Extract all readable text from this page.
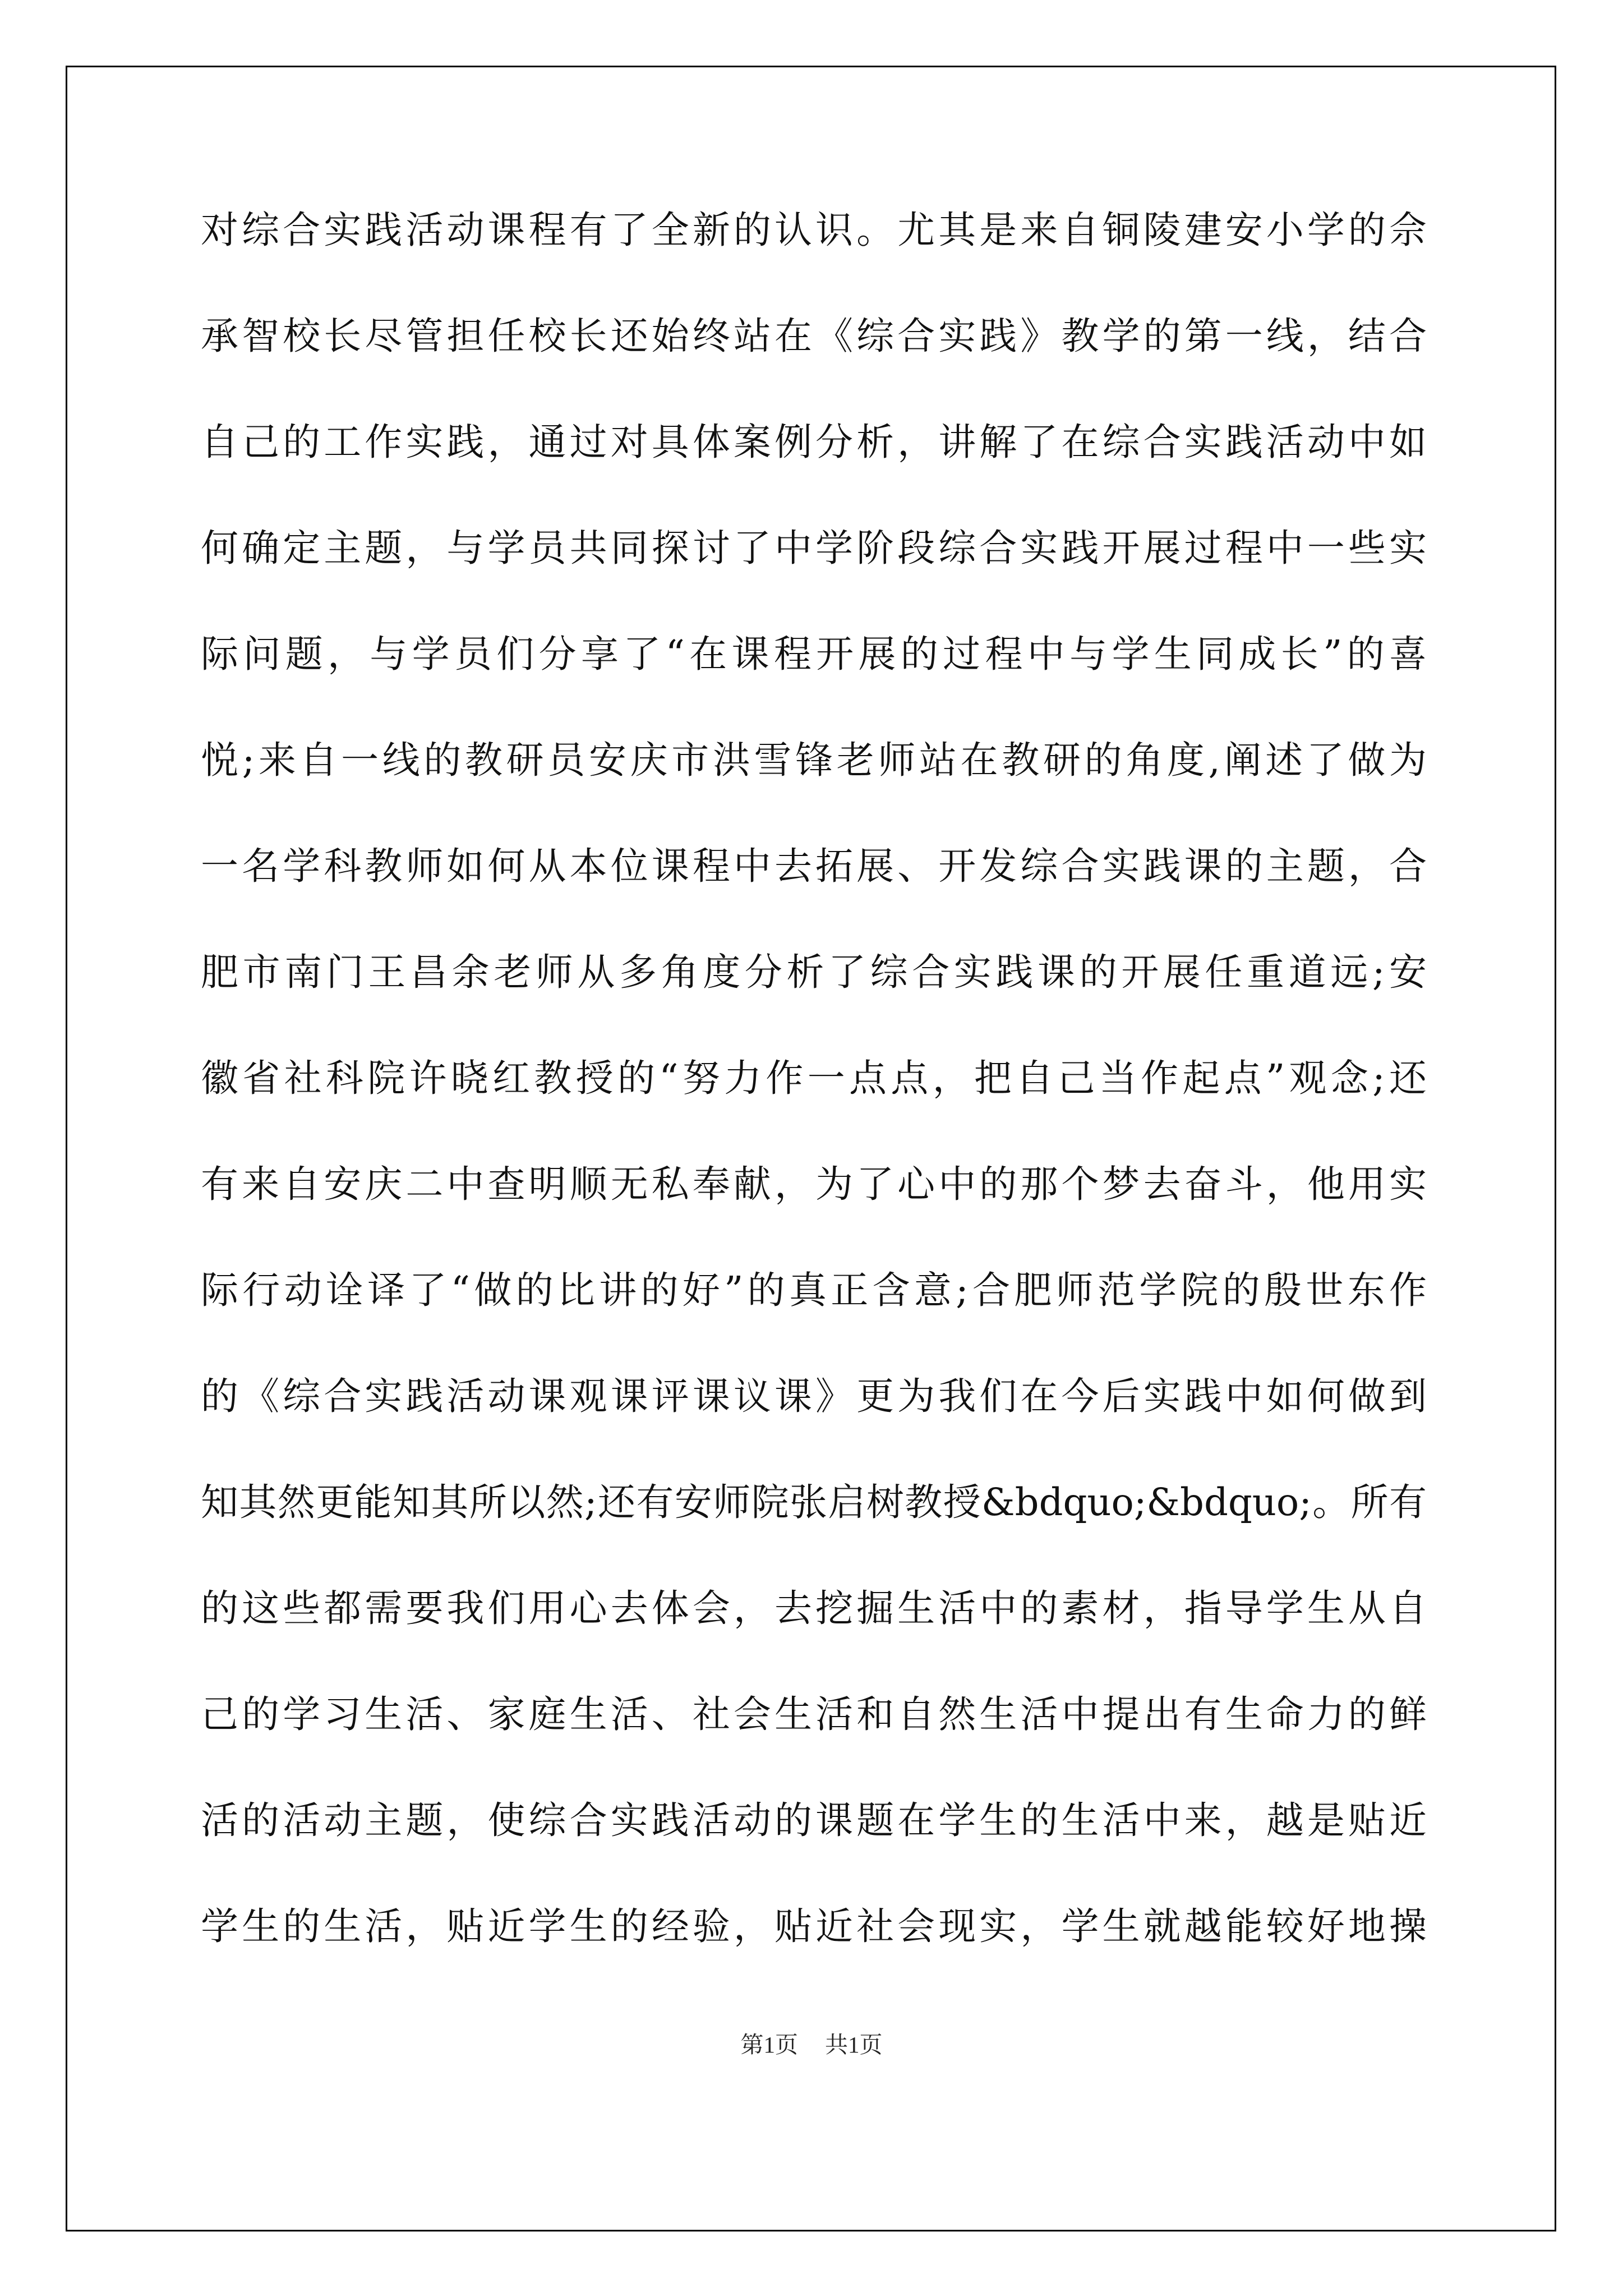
对综合实践活动课程有了全新的认识。尤其是来自铜陵建安小学的佘
承智校长尽管担任校长还始终站在《综合实践》教学的第一线，结合
自己的工作实践，通过对具体案例分析，讲解了在综合实践活动中如
何确定主题，与学员共同探讨了中学阶段综合实践开展过程中一些实
际问题，与学员们分享了“在课程开展的过程中与学生同成长”的喜
悦;来自一线的教研员安庆市洪雪锋老师站在教研的角度,阐述了做为
一名学科教师如何从本位课程中去拓展、开发综合实践课的主题，合
肥市南门王昌余老师从多角度分析了综合实践课的开展任重道远;安
徽省社科院许晓红教授的“努力作一点点，把自己当作起点”观念;还
有来自安庆二中查明顺无私奉献，为了心中的那个梦去奋斗，他用实
际行动诠译了“做的比讲的好”的真正含意;合肥师范学院的殷世东作
的《综合实践活动课观课评课议课》更为我们在今后实践中如何做到
知其然更能知其所以然;还有安师院张启树教授&bdquo;&bdquo;。所有
的这些都需要我们用心去体会，去挖掘生活中的素材，指导学生从自
己的学习生活、家庭生活、社会生活和自然生活中提出有生命力的鲜
活的活动主题，使综合实践活动的课题在学生的生活中来，越是贴近
学生的生活，贴近学生的经验，贴近社会现实，学生就越能较好地操
第1页 共1页
